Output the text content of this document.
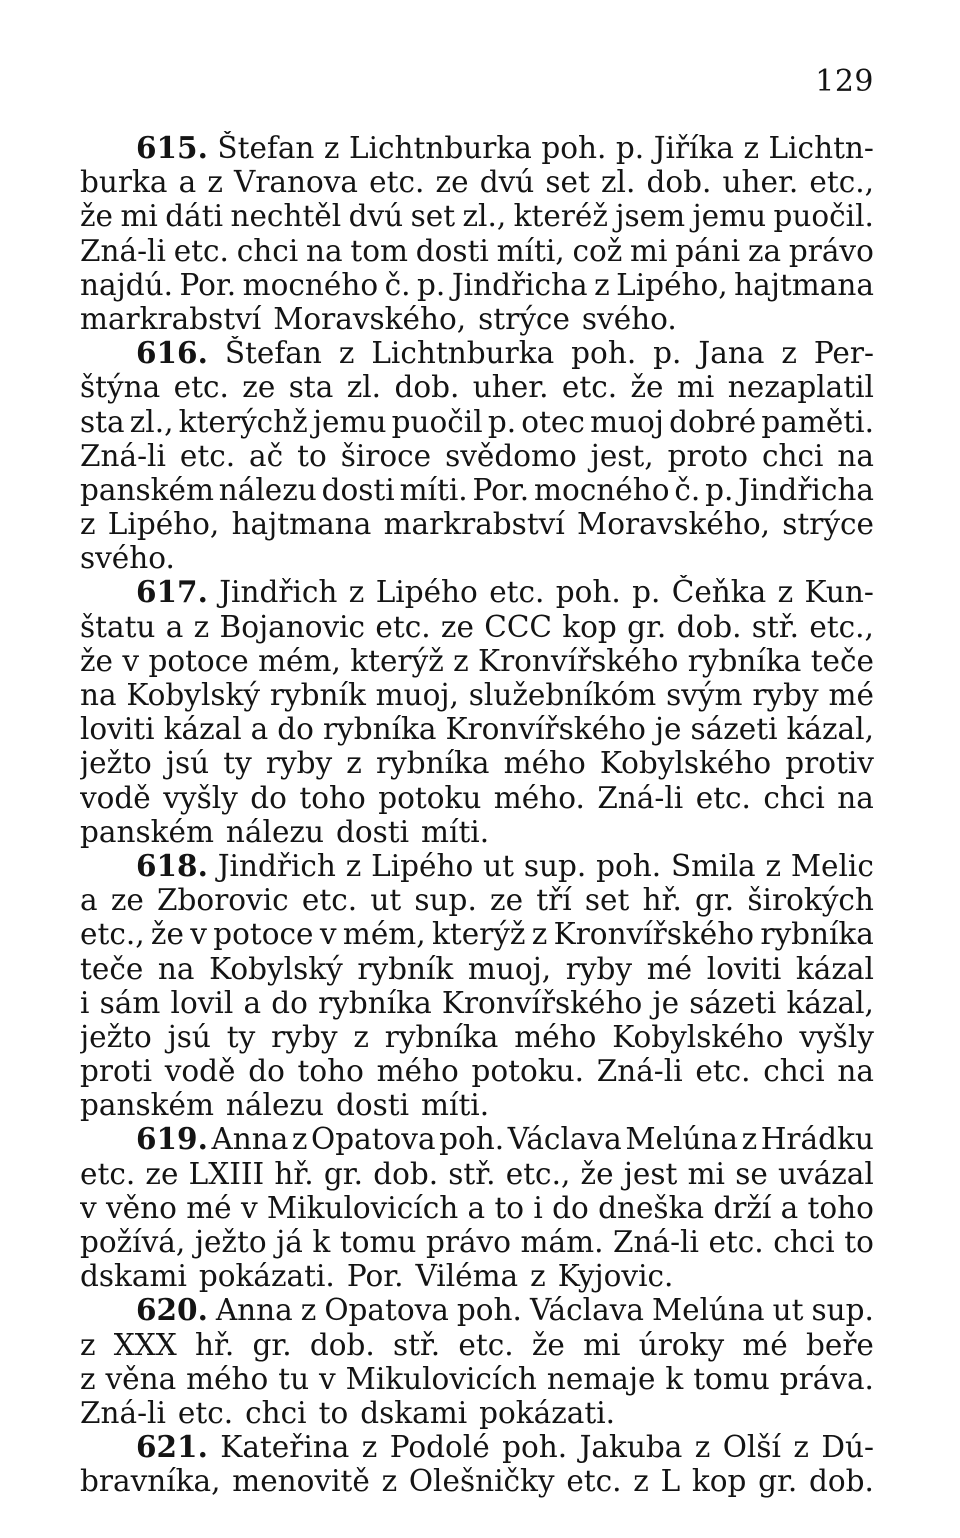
129
615. Štefan z Lichtnburka poh. p. Jiříka z Lichtn-
burka a z Vranova etc. ze dvú set zl. dob. uher. etc.,
že mi dáti nechtěl dvú set zl., kteréž jsem jemu puočil.
Zná-li etc. chci na tom dosti míti, což mi páni za právo
najdú. Por. mocného č. p. Jindřicha z Lipého, hajtmana
markrabství Moravského, strýce svého.
616. Štefan z Lichtnburka poh. p. Jana z Per-
štýna etc. ze sta zl. dob. uher. etc. že mi nezaplatil
sta zl., kterýchž jemu puočil p. otec muoj dobré paměti.
Zná-li etc. ač to široce svědomo jest, proto chci na
panském nálezu dosti míti. Por. mocného č. p. Jindřicha
z Lipého, hajtmana markrabství Moravského, strýce
svého.
617. Jindřich z Lipého etc. poh. p. Čeňka z Kun-
štatu a z Bojanovic etc. ze CCC kop gr. dob. stř. etc.,
že v potoce mém, kterýž z Kronvířského rybníka teče
na Kobylský rybník muoj, služebníkóm svým ryby mé
loviti kázal a do rybníka Kronvířského je sázeti kázal,
ježto jsú ty ryby z rybníka mého Kobylského protiv
vodě vyšly do toho potoku mého. Zná-li etc. chci na
panském nálezu dosti míti.
618. Jindřich z Lipého ut sup. poh. Smila z Melic
a ze Zborovic etc. ut sup. ze tří set hř. gr. širokých
etc., že v potoce v mém, kterýž z Kronvířského rybníka
teče na Kobylský rybník muoj, ryby mé loviti kázal
i sám lovil a do rybníka Kronvířského je sázeti kázal,
ježto jsú ty ryby z rybníka mého Kobylského vyšly
proti vodě do toho mého potoku. Zná-li etc. chci na
panském nálezu dosti míti.
619. Anna z Opatova poh. Václava Melúna z Hrádku
etc. ze LXIII hř. gr. dob. stř. etc., že jest mi se uvázal
v věno mé v Mikulovicích a to i do dneška drží a toho
požívá, ježto já k tomu právo mám. Zná-li etc. chci to
dskami pokázati. Por. Viléma z Kyjovic.
620. Anna z Opatova poh. Václava Melúna ut sup.
z XXX hř. gr. dob. stř. etc. že mi úroky mé beře
z věna mého tu v Mikulovicích nemaje k tomu práva.
Zná-li etc. chci to dskami pokázati.
621. Kateřina z Podolé poh. Jakuba z Olší z Dú-
bravníka, menovitě z Olešničky etc. z L kop gr. dob.
